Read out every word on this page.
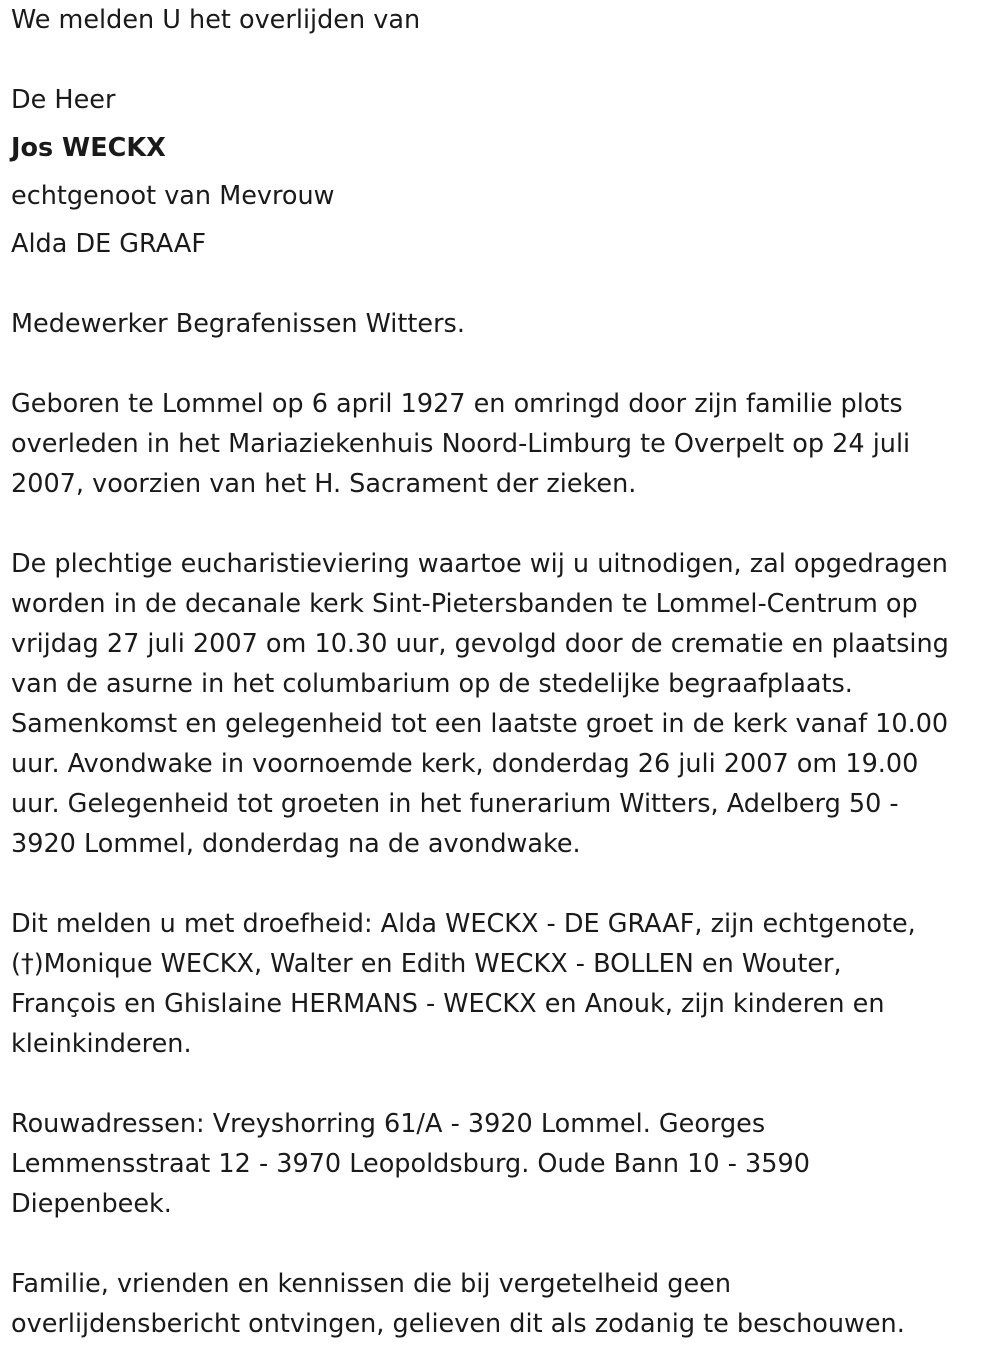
We melden U het overlijden van
De Heer
Jos WECKX
echtgenoot van Mevrouw
Alda DE GRAAF
Medewerker Begrafenissen Witters.
Geboren te Lommel op 6 april 1927 en omringd door zijn familie plots
overleden in het Mariaziekenhuis Noord-Limburg te Overpelt op 24 juli
2007, voorzien van het H. Sacrament der zieken.
De plechtige eucharistieviering waartoe wij u uitnodigen, zal opgedragen
worden in de decanale kerk Sint-Pietersbanden te Lommel-Centrum op
vrijdag 27 juli 2007 om 10.30 uur, gevolgd door de crematie en plaatsing
van de asurne in het columbarium op de stedelijke begraafplaats.
Samenkomst en gelegenheid tot een laatste groet in de kerk vanaf 10.00
uur. Avondwake in voornoemde kerk, donderdag 26 juli 2007 om 19.00
uur. Gelegenheid tot groeten in het funerarium Witters, Adelberg 50 -
3920 Lommel, donderdag na de avondwake.
Dit melden u met droefheid: Alda WECKX - DE GRAAF, zijn echtgenote,
(†)Monique WECKX, Walter en Edith WECKX - BOLLEN en Wouter,
François en Ghislaine HERMANS - WECKX en Anouk, zijn kinderen en
kleinkinderen.
Rouwadressen: Vreyshorring 61/A - 3920 Lommel. Georges
Lemmensstraat 12 - 3970 Leopoldsburg. Oude Bann 10 - 3590
Diepenbeek.
Familie, vrienden en kennissen die bij vergetelheid geen
overlijdensbericht ontvingen, gelieven dit als zodanig te beschouwen.
